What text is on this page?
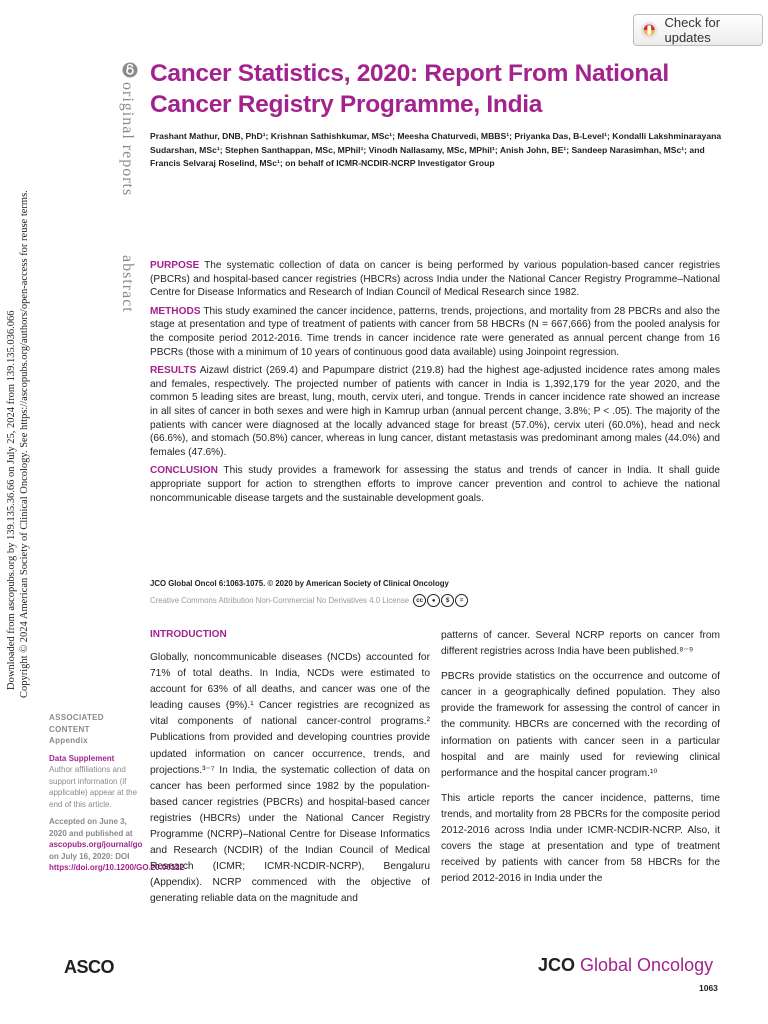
Check for updates
Downloaded from ascopubs.org by 139.135.36.66 on July 25, 2024 from 139.135.036.066 Copyright © 2024 American Society of Clinical Oncology. See https://ascopubs.org/authors/open-access for reuse terms.
original reports
abstract
Cancer Statistics, 2020: Report From National Cancer Registry Programme, India
Prashant Mathur, DNB, PhD¹; Krishnan Sathishkumar, MSc¹; Meesha Chaturvedi, MBBS¹; Priyanka Das, B-Level¹; Kondalli Lakshminarayana Sudarshan, MSc¹; Stephen Santhappan, MSc, MPhil¹; Vinodh Nallasamy, MSc, MPhil¹; Anish John, BE¹; Sandeep Narasimhan, MSc¹; and Francis Selvaraj Roselind, MSc¹; on behalf of ICMR-NCDIR-NCRP Investigator Group

PURPOSE The systematic collection of data on cancer is being performed by various population-based cancer registries (PBCRs) and hospital-based cancer registries (HBCRs) across India under the National Cancer Registry Programme–National Centre for Disease Informatics and Research of Indian Council of Medical Research since 1982.

METHODS This study examined the cancer incidence, patterns, trends, projections, and mortality from 28 PBCRs and also the stage at presentation and type of treatment of patients with cancer from 58 HBCRs (N = 667,666) from the pooled analysis for the composite period 2012-2016. Time trends in cancer incidence rate were generated as annual percent change from 16 PBCRs (those with a minimum of 10 years of continuous good data available) using Joinpoint regression.

RESULTS Aizawl district (269.4) and Papumpare district (219.8) had the highest age-adjusted incidence rates among males and females, respectively. The projected number of patients with cancer in India is 1,392,179 for the year 2020, and the common 5 leading sites are breast, lung, mouth, cervix uteri, and tongue. Trends in cancer incidence rate showed an increase in all sites of cancer in both sexes and were high in Kamrup urban (annual percent change, 3.8%; P < .05). The majority of the patients with cancer were diagnosed at the locally advanced stage for breast (57.0%), cervix uteri (60.0%), head and neck (66.6%), and stomach (50.8%) cancer, whereas in lung cancer, distant metastasis was predominant among males (44.0%) and females (47.6%).

CONCLUSION This study provides a framework for assessing the status and trends of cancer in India. It shall guide appropriate support for action to strengthen efforts to improve cancer prevention and control to achieve the national noncommunicable disease targets and the sustainable development goals.

JCO Global Oncol 6:1063-1075. © 2020 by American Society of Clinical Oncology
Creative Commons Attribution Non-Commercial No Derivatives 4.0 License	cc	●	$	=
ASSOCIATED CONTENT
Appendix
Data Supplement
Author affiliations and support information (if applicable) appear at the end of this article.
Accepted on June 3, 2020 and published at ascopubs.org/journal/go on July 16, 2020: DOI https://doi.org/10.1200/GO.20.00122
INTRODUCTION

Globally, noncommunicable diseases (NCDs) accounted for 71% of total deaths. In India, NCDs were estimated to account for 63% of all deaths, and cancer was one of the leading causes (9%).¹ Cancer registries are recognized as vital components of national cancer-control programs.² Publications from provided and developing countries provide updated information on cancer occurrence, trends, and projections.³⁻⁷ In India, the systematic collection of data on cancer has been performed since 1982 by the population-based cancer registries (PBCRs) and hospital-based cancer registries (HBCRs) under the National Cancer Registry Programme (NCRP)–National Centre for Disease Informatics and Research (NCDIR) of the Indian Council of Medical Research (ICMR; ICMR-NCDIR-NCRP), Bengaluru (Appendix). NCRP commenced with the objective of generating reliable data on the magnitude and

patterns of cancer. Several NCRP reports on cancer from different registries across India have been published.⁸⁻⁹

PBCRs provide statistics on the occurrence and outcome of cancer in a geographically defined population. They also provide the framework for assessing the control of cancer in the community. HBCRs are concerned with the recording of information on patients with cancer seen in a particular hospital and are mainly used for reviewing clinical performance and the hospital cancer program.¹⁰

This article reports the cancer incidence, patterns, time trends, and mortality from 28 PBCRs for the composite period 2012-2016 across India under ICMR-NCDIR-NCRP. Also, it covers the stage at presentation and type of treatment received by patients with cancer from 58 HBCRs for the period 2012-2016 in India under the

ASCO	JCO Global Oncology
1063
